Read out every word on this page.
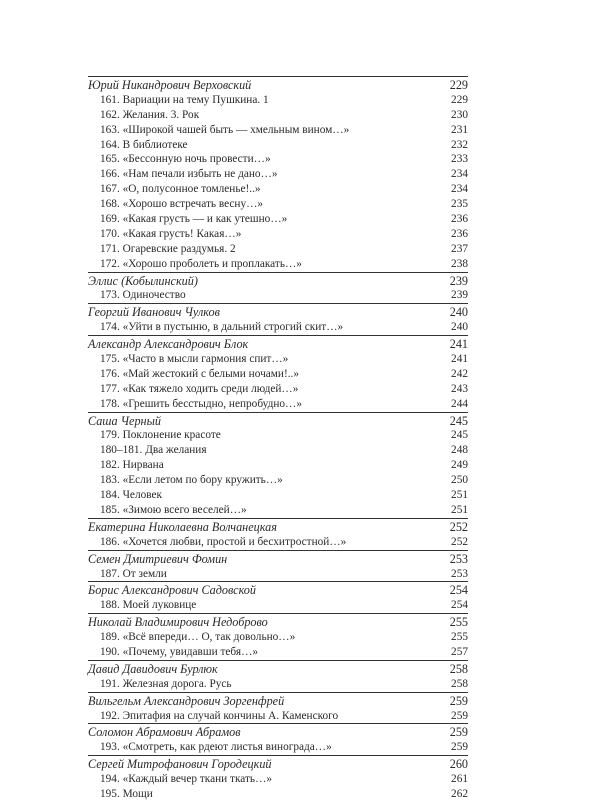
Юрий Никандрович Верховский	229
161. Вариации на тему Пушкина. 1	229
162. Желания. 3. Рок	230
163. «Широкой чашей быть — хмельным вином…»	231
164. В библиотеке	232
165. «Бессонную ночь провести…»	233
166. «Нам печали избыть не дано…»	234
167. «О, полусонное томленье!..»	234
168. «Хорошо встречать весну…»	235
169. «Какая грусть — и как утешно…»	236
170. «Какая грусть! Какая…»	236
171. Огаревские раздумья. 2	237
172. «Хорошо проболеть и проплакать…»	238
Эллис (Кобылинский)	239
173. Одиночество	239
Георгий Иванович Чулков	240
174. «Уйти в пустыню, в дальний строгий скит…»	240
Александр Александрович Блок	241
175. «Часто в мысли гармония спит…»	241
176. «Май жестокий с белыми ночами!..»	242
177. «Как тяжело ходить среди людей…»	243
178. «Грешить бесстыдно, непробудно…»	244
Саша Черный	245
179. Поклонение красоте	245
180–181. Два желания	248
182. Нирвана	249
183. «Если летом по бору кружить…»	250
184. Человек	251
185. «Зимою всего веселей…»	251
Екатерина Николаевна Волчанецкая	252
186. «Хочется любви, простой и бесхитростной…»	252
Семен Дмитриевич Фомин	253
187. От земли	253
Борис Александрович Садовской	254
188. Моей луковице	254
Николай Владимирович Недоброво	255
189. «Всё впереди… О, так довольно…»	255
190. «Почему, увидавши тебя…»	257
Давид Давидович Бурлюк	258
191. Железная дорога. Русь	258
Вильгельм Александрович Зоргенфрей	259
192. Эпитафия на случай кончины А. Каменского	259
Соломон Абрамович Абрамов	259
193. «Смотреть, как рдеют листья винограда…»	259
Сергей Митрофанович Городецкий	260
194. «Каждый вечер ткани ткать…»	261
195. Мощи	262
